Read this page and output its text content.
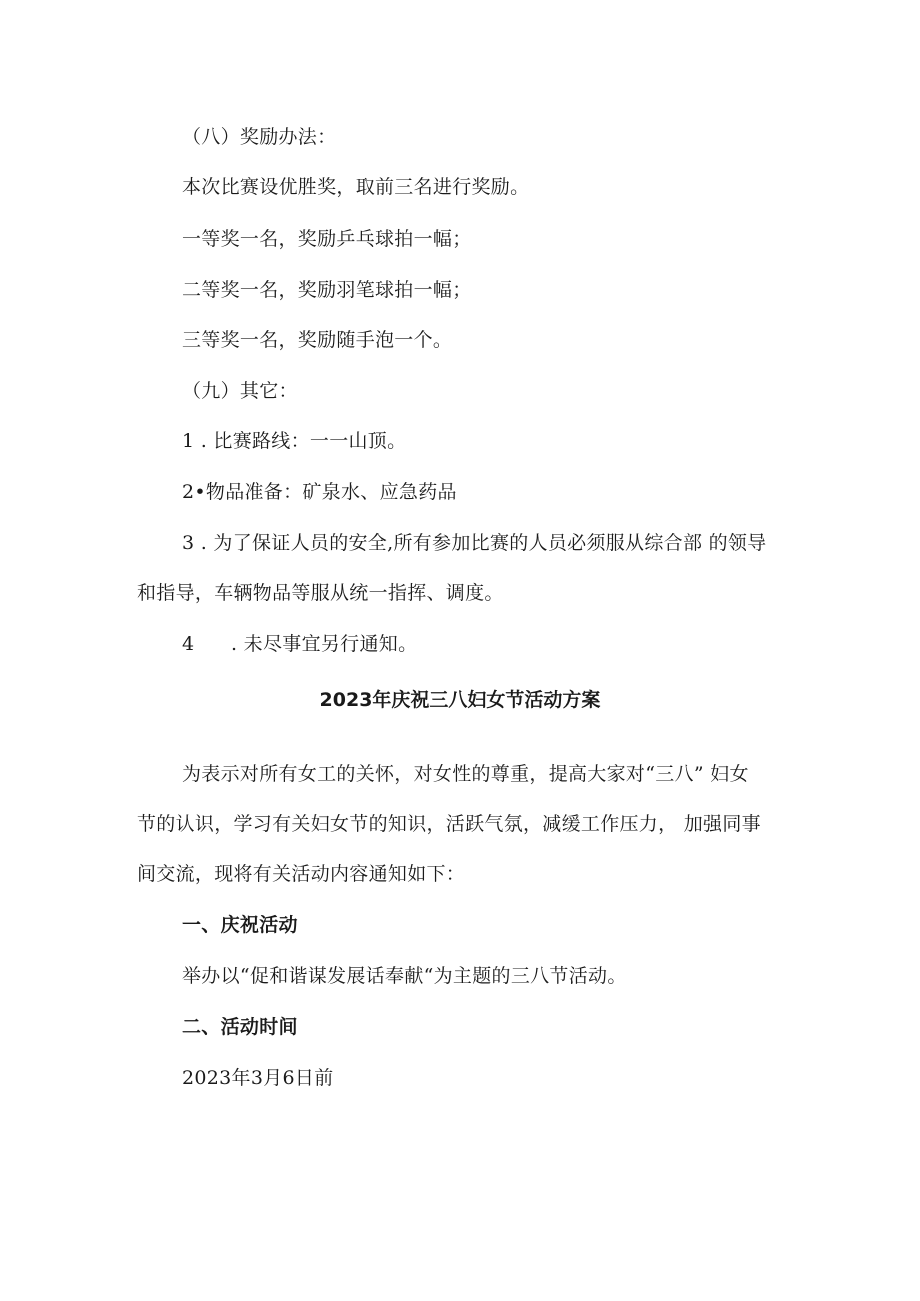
（八）奖励办法：
本次比赛设优胜奖，取前三名进行奖励。
一等奖一名，奖励乒乓球拍一幅；
二等奖一名，奖励羽笔球拍一幅；
三等奖一名，奖励随手泡一个。
（九）其它：
1 . 比赛路线：一一山顶。
2•物品准备：矿泉水、应急药品
3 . 为了保证人员的安全,所有参加比赛的人员必须服从综合部 的领导
和指导，车辆物品等服从统一指挥、调度。
4 . 未尽事宜另行通知。
2023年庆祝三八妇女节活动方案
为表示对所有女工的关怀，对女性的尊重，提高大家对“三八” 妇女
节的认识，学习有关妇女节的知识，活跃气氛，减缓工作压力， 加强同事
间交流，现将有关活动内容通知如下：
一、庆祝活动
举办以“促和谐谋发展话奉献“为主题的三八节活动。
二、活动时间
2023年3月6日前
